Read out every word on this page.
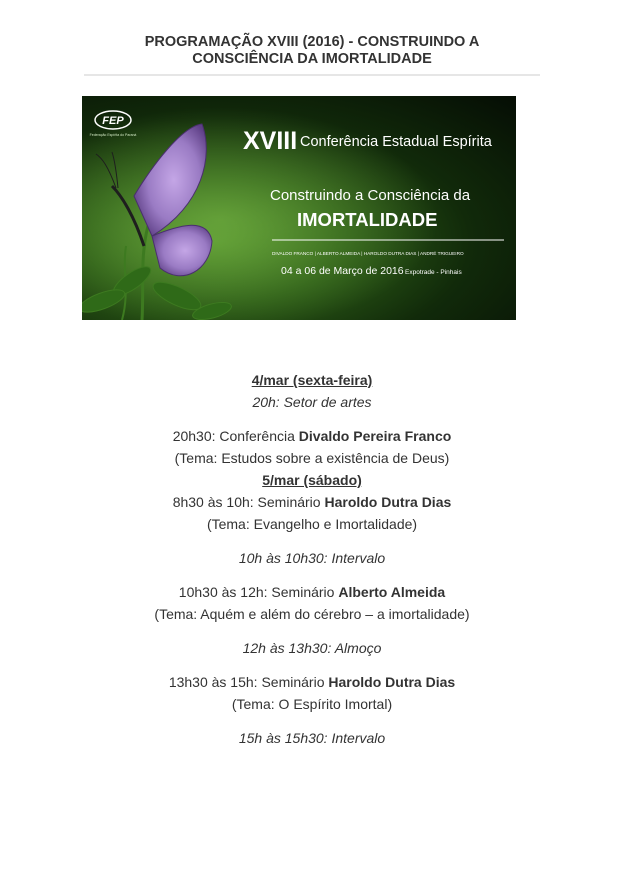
PROGRAMAÇÃO XVIII (2016) - CONSTRUINDO A
CONSCIÊNCIA DA IMORTALIDADE
FEP
Federação Espírita do Paraná	XVIII Conferência Estadual Espírita
Construindo a Consciência da
IMORTALIDADE
DIVALDO FRANCO | ALBERTO ALMEIDA | HAROLDO DUTRA DIAS | ANDRÉ TRIGUEIRO
04 a 06 de Março de 2016 Expotrade - Pinhais
4/mar (sexta-feira)
20h: Setor de artes
20h30: Conferência Divaldo Pereira Franco
(Tema: Estudos sobre a existência de Deus)
5/mar (sábado)
8h30 às 10h: Seminário Haroldo Dutra Dias
(Tema: Evangelho e Imortalidade)
10h às 10h30: Intervalo
10h30 às 12h: Seminário Alberto Almeida
(Tema: Aquém e além do cérebro – a imortalidade)
12h às 13h30: Almoço
13h30 às 15h: Seminário Haroldo Dutra Dias
(Tema: O Espírito Imortal)
15h às 15h30: Intervalo
